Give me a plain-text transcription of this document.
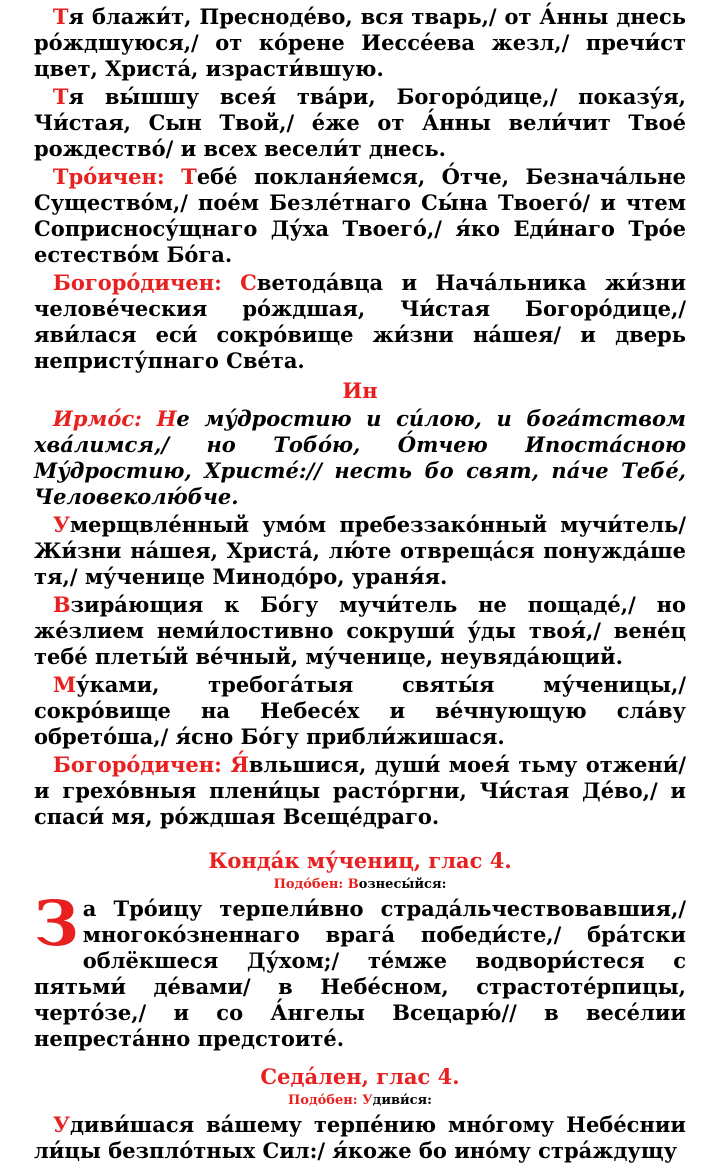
Тя блажи́т, Пресноде́во, вся тварь,/ от А́нны днесь ро́ждшуюся,/ от ко́рене Иессе́ева жезл,/ пречи́ст цвет, Христа́, израсти́вшую.

Тя вы́шшу всея́ тва́ри, Богоро́дице,/ показу́я, Чи́стая, Сын Твой,/ е́же от А́нны вели́чит Твое́ рождество́/ и всех весели́т днесь.

Тро́ичен: Тебе́ покланя́емся, О́тче, Безнача́льне Существо́м,/ пое́м Безле́тнаго Сы́на Твоего́/ и чтем Соприсносу́щнаго Ду́ха Твоего́,/ я́ко Еди́наго Тро́е естество́м Бо́га.

Богоро́дичен: Светода́вца и Нача́льника жи́зни челове́ческия ро́ждшая, Чи́стая Богоро́дице,/ яви́лася еси́ сокро́вище жи́зни на́шея/ и дверь непристу́пнаго Све́та.

Ин

Ирмо́с: Не му́дростию и си́лою, и бога́тством хва́лимся,/ но Тобо́ю, О́тчею Ипоста́сною Му́дростию, Христе́:// несть бо свят, па́че Тебе́, Человеколю́бче.

Умерщвле́нный умо́м пребеззако́нный мучи́тель/ Жи́зни на́шея, Христа́, лю́те отвреща́ся понужда́ше тя,/ му́ченице Минодо́ро, ураня́я.

Взира́ющия к Бо́гу мучи́тель не пощаде́,/ но же́злием неми́лостивно сокруши́ у́ды твоя́,/ вене́ц тебе́ плеты́й ве́чный, му́ченице, неувяда́ющий.

Му́ками, требога́тыя святы́я му́ченицы,/ сокро́вище на Небесе́х и ве́чнующую сла́ву обрето́ша,/ я́сно Бо́гу прибли́жишася.

Богоро́дичен: Я́вльшися, души́ моея́ тьму отжени́/ и грехо́вныя плени́цы расто́ргни, Чи́стая Де́во,/ и спаси́ мя, ро́ждшая Всеще́драго.

Конда́к му́чениц, глас 4.
Подо́бен: Вознесы́йся:

За Тро́ицу терпели́вно страда́льчествовавшия,/ многоко́зненнаго врага́ победи́сте,/ бра́тски облёкшеся Ду́хом;/ те́мже водвори́стеся с пятьми́ де́вами/ в Небе́сном, страстоте́рпицы, черто́зе,/ и со А́нгелы Всецарю́// в весе́лии непреста́нно предстоите́.

Седа́лен, глас 4.
Подо́бен: Удиви́ся:

Удиви́шася ва́шему терпе́нию мно́гому Небе́снии ли́цы безпло́тных Сил:/ я́коже бо ино́му стра́ждущу
